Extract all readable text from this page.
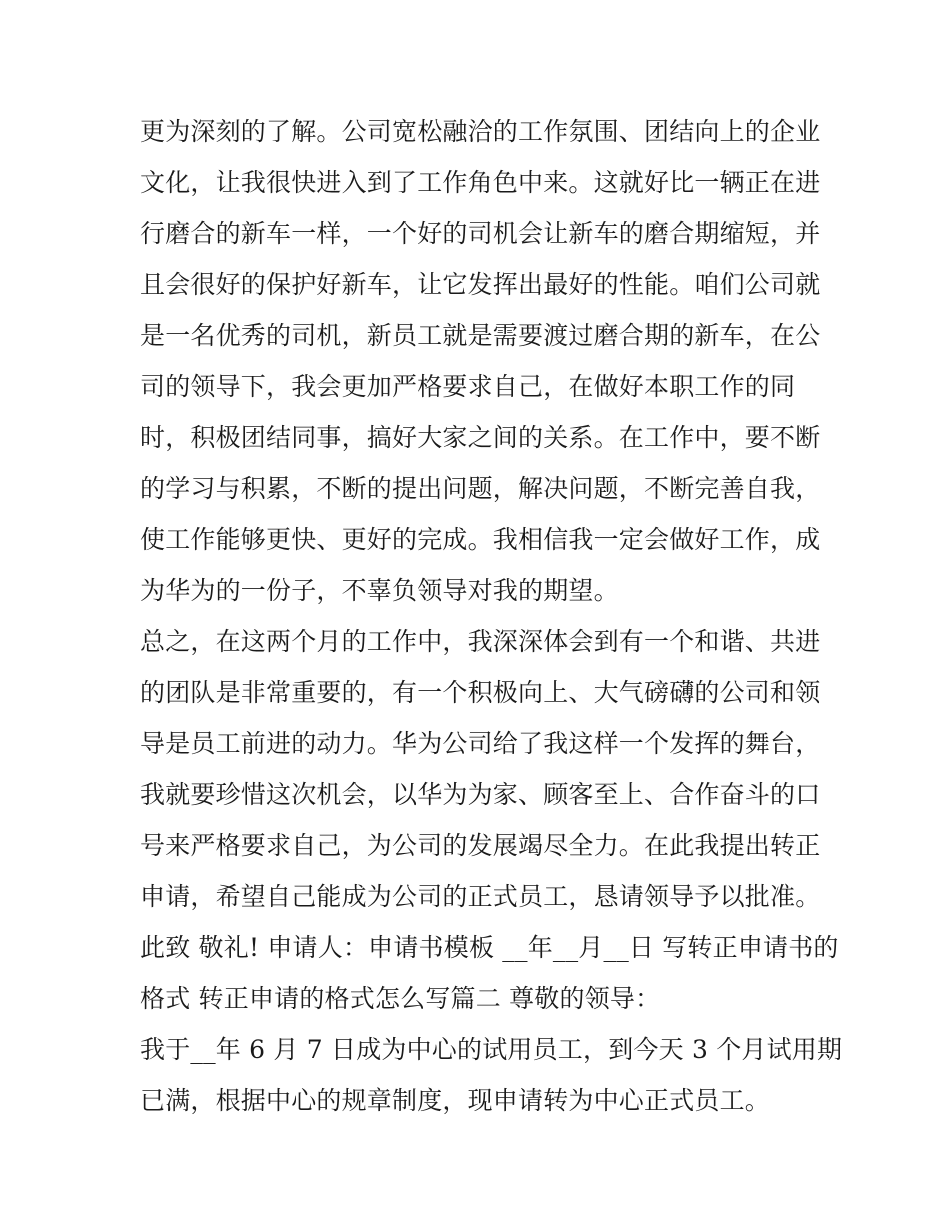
更为深刻的了解。公司宽松融洽的工作氛围、团结向上的企业
文化，让我很快进入到了工作角色中来。这就好比一辆正在进
行磨合的新车一样，一个好的司机会让新车的磨合期缩短，并
且会很好的保护好新车，让它发挥出最好的性能。咱们公司就
是一名优秀的司机，新员工就是需要渡过磨合期的新车，在公
司的领导下，我会更加严格要求自己，在做好本职工作的同
时，积极团结同事，搞好大家之间的关系。在工作中，要不断
的学习与积累，不断的提出问题，解决问题，不断完善自我，
使工作能够更快、更好的完成。我相信我一定会做好工作，成
为华为的一份子，不辜负领导对我的期望。
总之，在这两个月的工作中，我深深体会到有一个和谐、共进
的团队是非常重要的，有一个积极向上、大气磅礴的公司和领
导是员工前进的动力。华为公司给了我这样一个发挥的舞台，
我就要珍惜这次机会，以华为为家、顾客至上、合作奋斗的口
号来严格要求自己，为公司的发展竭尽全力。在此我提出转正
申请，希望自己能成为公司的正式员工，恳请领导予以批准。
此致 敬礼! 申请人：申请书模板 __年__月__日 写转正申请书的
格式 转正申请的格式怎么写篇二 尊敬的领导：
我于__年 6 月 7 日成为中心的试用员工，到今天 3 个月试用期
已满，根据中心的规章制度，现申请转为中心正式员工。
